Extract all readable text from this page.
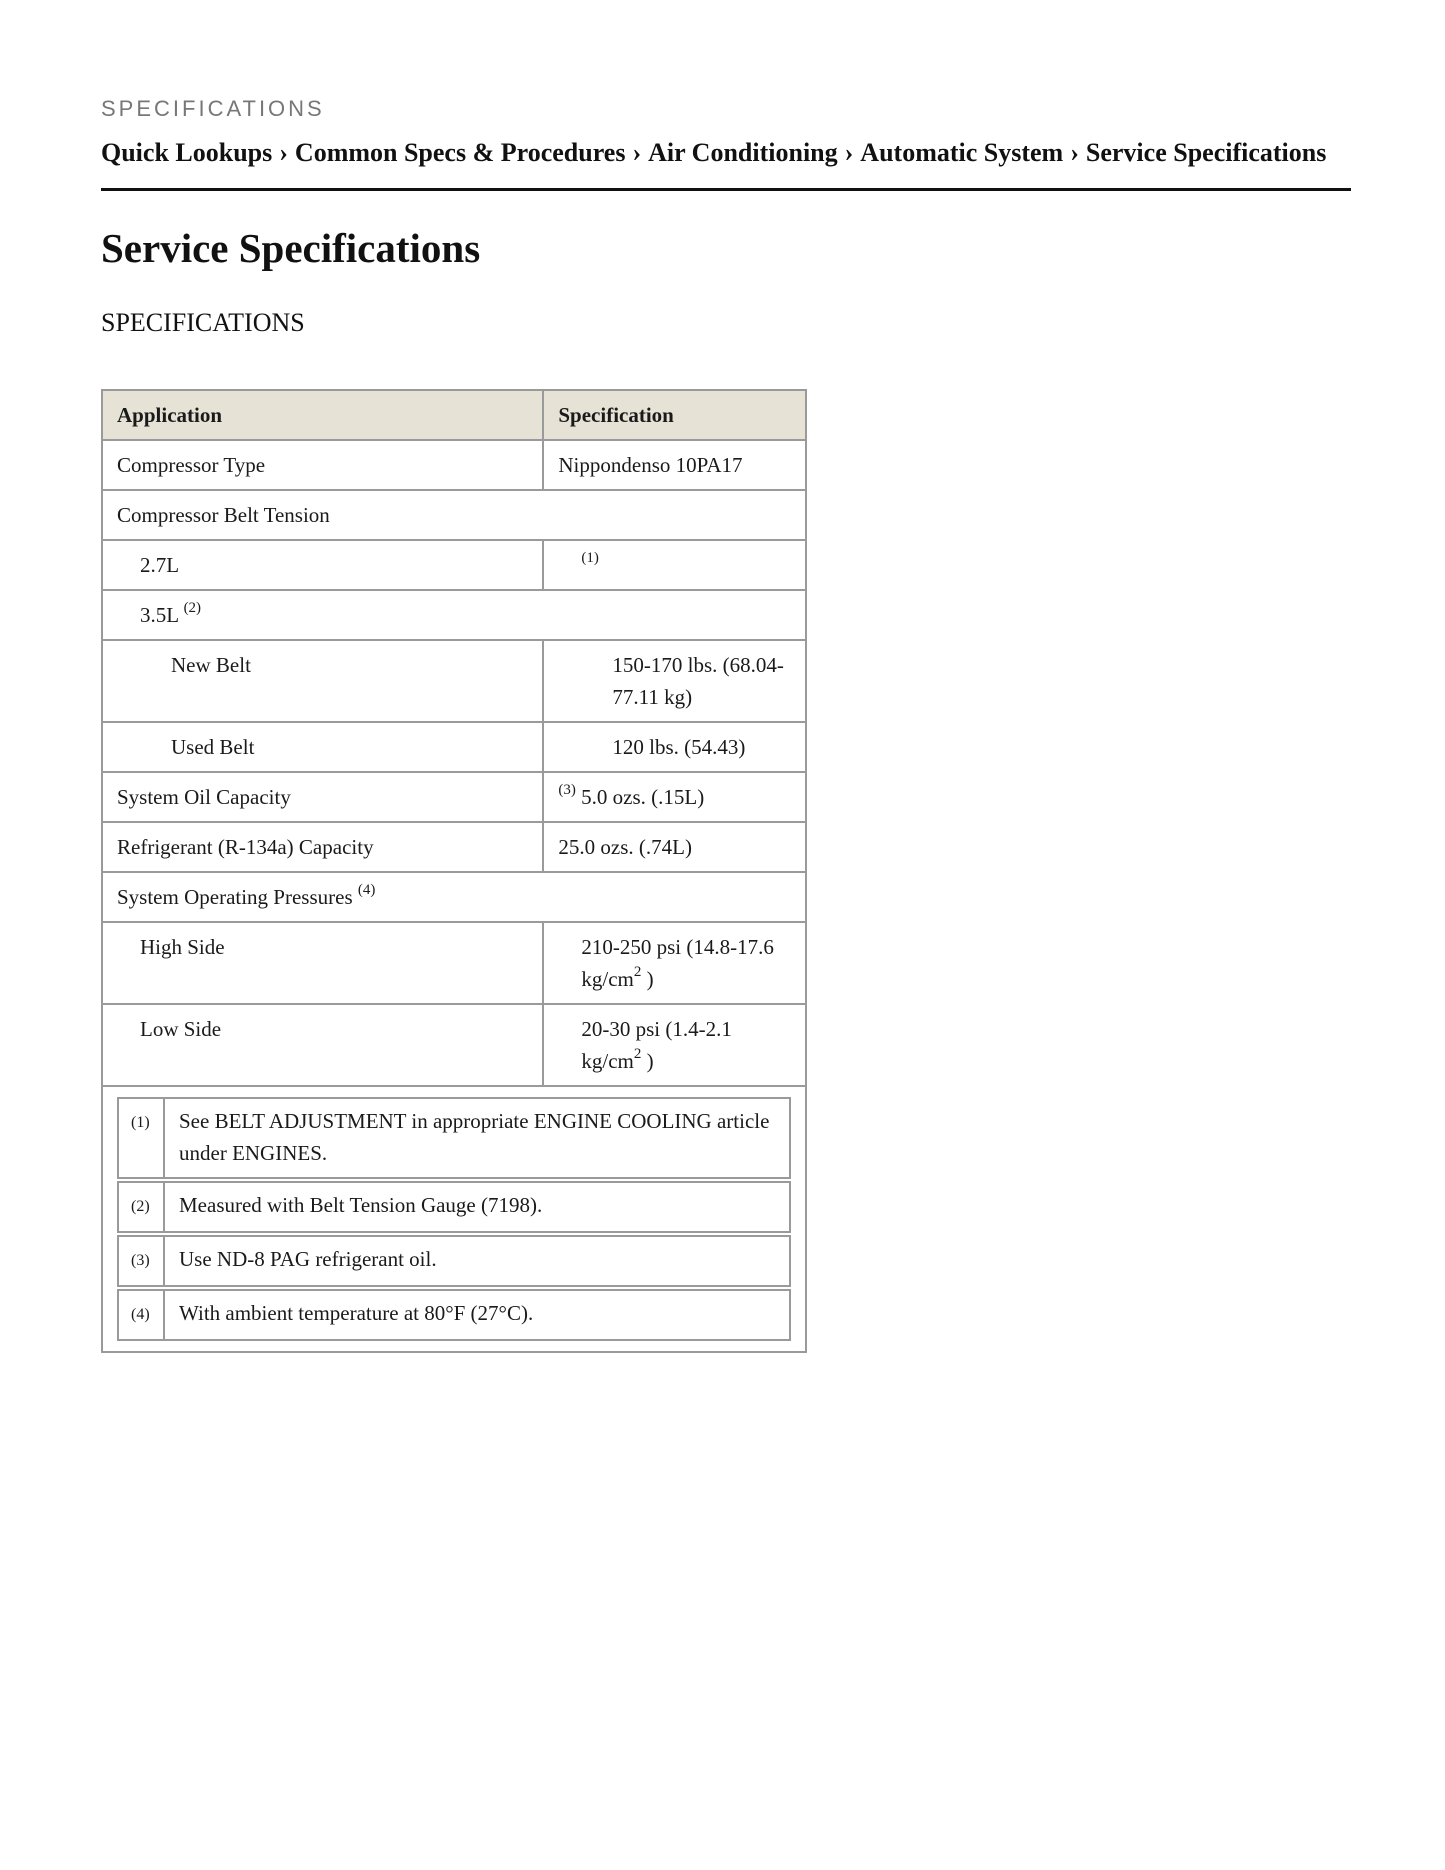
SPECIFICATIONS
Quick Lookups › Common Specs & Procedures › Air Conditioning › Automatic System › Service Specifications
Service Specifications
SPECIFICATIONS
Application	Specification
Compressor Type	Nippondenso 10PA17
Compressor Belt Tension
2.7L	$^{(1)}$
3.5L $^{(2)}$
New Belt	150-170 lbs. (68.04-77.11 kg)
Used Belt	120 lbs. (54.43)
System Oil Capacity	$^{(3)}$ 5.0 ozs. (.15L)
Refrigerant (R-134a) Capacity	25.0 ozs. (.74L)
System Operating Pressures $^{(4)}$
High Side	210-250 psi (14.8-17.6 $kg/cm^2$ )
Low Side	20-30 psi (1.4-2.1 $kg/cm^2$ )

(1)	See BELT ADJUSTMENT in appropriate ENGINE COOLING article under ENGINES.
(2)	Measured with Belt Tension Gauge (7198).
(3)	Use ND-8 PAG refrigerant oil.
(4)	With ambient temperature at 80°F (27°C).
